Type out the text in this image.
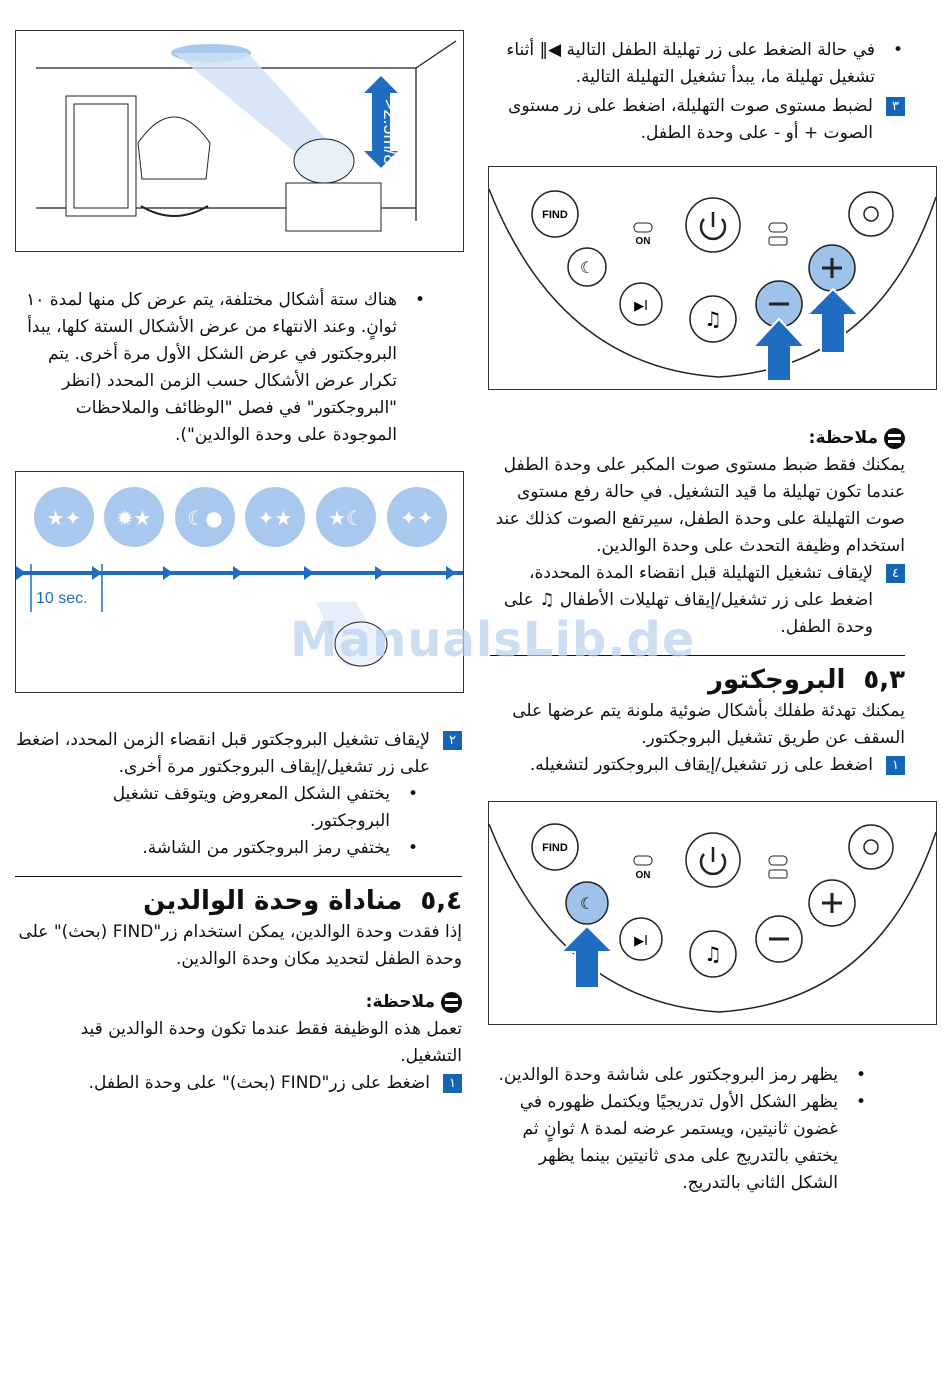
• في حالة الضغط على زر تهليلة الطفل التالية ◀‖ أثناء تشغيل تهليلة ما، يبدأ تشغيل التهليلة التالية.
٣
لضبط مستوى صوت التهليلة، اضغط على زر مستوى الصوت + أو - على وحدة الطفل.
FIND
ON
☾
▶I
♫
ملاحظة:
يمكنك فقط ضبط مستوى صوت المكبر على وحدة الطفل عندما تكون تهليلة ما قيد التشغيل. في حالة رفع مستوى صوت التهليلة على وحدة الطفل، سيرتفع الصوت كذلك عند استخدام وظيفة التحدث على وحدة الوالدين.
٤
لإيقاف تشغيل التهليلة قبل انقضاء المدة المحددة، اضغط على زر تشغيل/إيقاف تهليلات الأطفال ♫ على وحدة الطفل.
٥,٣البروجكتور
يمكنك تهدئة طفلك بأشكال ضوئية ملونة يتم عرضها على السقف عن طريق تشغيل البروجكتور.
١
اضغط على زر تشغيل/إيقاف البروجكتور لتشغيله.
FIND
ON
☾
▶I
♫
• يظهر رمز البروجكتور على شاشة وحدة الوالدين.
• يظهر الشكل الأول تدريجيًا ويكتمل ظهوره في غضون ثانيتين، ويستمر عرضه لمدة ٨ ثوانٍ ثم يختفي بالتدريج على مدى ثانيتين بينما يظهر الشكل الثاني بالتدريج.
>2.5m/8.2ft
• هناك ستة أشكال مختلفة، يتم عرض كل منها لمدة ١٠ ثوانٍ. وعند الانتهاء من عرض الأشكال الستة كلها، يبدأ البروجكتور في عرض الشكل الأول مرة أخرى. يتم تكرار عرض الأشكال حسب الزمن المحدد (انظر "البروجكتور" في فصل "الوظائف والملاحظات الموجودة على وحدة الوالدين").
★✦ ✹★ ☾● ✦★ ★☾ ✦✦
10 sec.
٢
لإيقاف تشغيل البروجكتور قبل انقضاء الزمن المحدد، اضغط على زر تشغيل/إيقاف البروجكتور مرة أخرى.
• يختفي الشكل المعروض ويتوقف تشغيل البروجكتور.
• يختفي رمز البروجكتور من الشاشة.
٥,٤مناداة وحدة الوالدين
إذا فقدت وحدة الوالدين، يمكن استخدام زر"FIND (بحث)" على وحدة الطفل لتحديد مكان وحدة الوالدين.
ملاحظة:
تعمل هذه الوظيفة فقط عندما تكون وحدة الوالدين قيد التشغيل.
١
اضغط على زر"FIND (بحث)" على وحدة الطفل.
ManualsLib.de
